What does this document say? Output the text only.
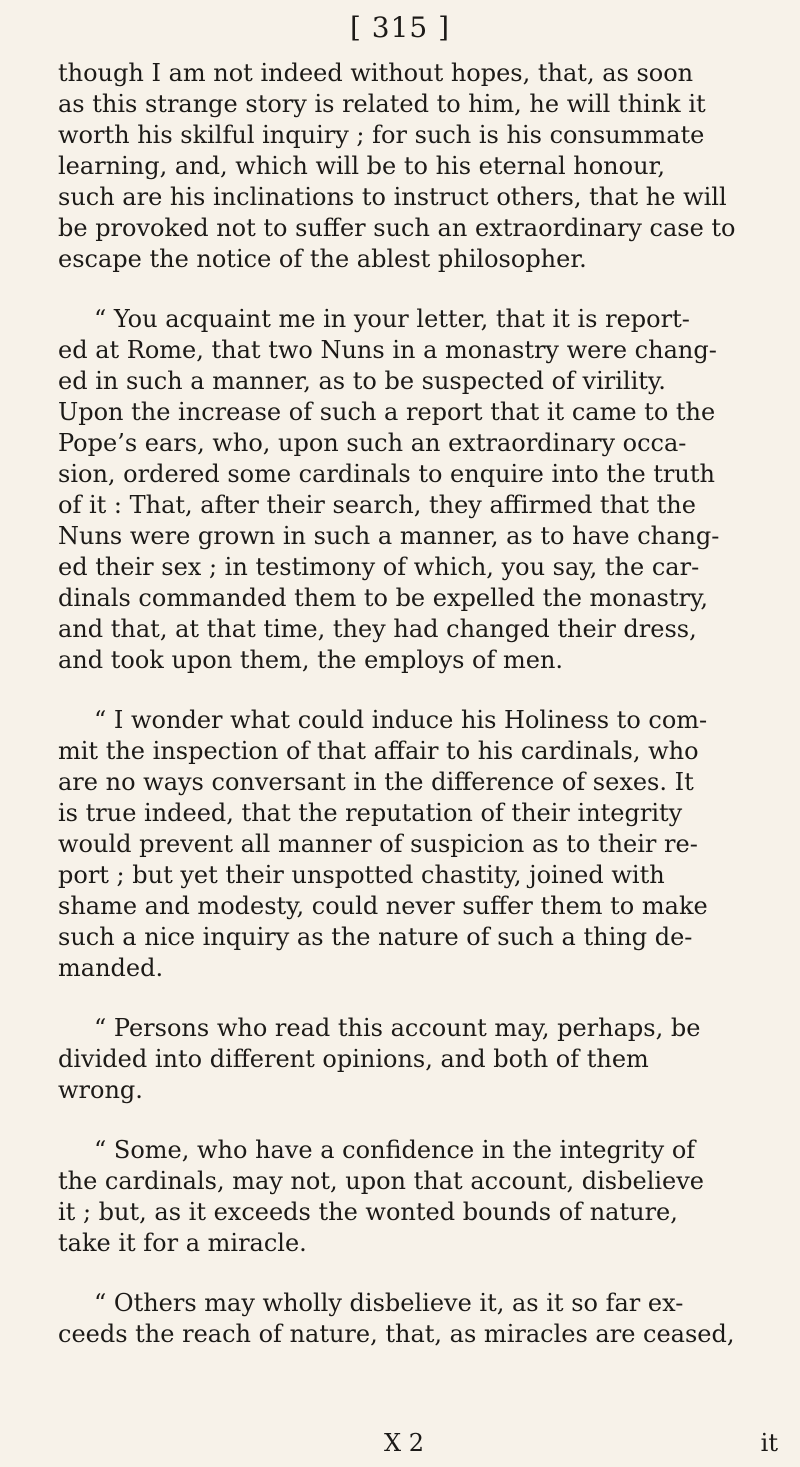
[ 315 ]
though I am not indeed without hopes, that, as soon
as this strange story is related to him, he will think it
worth his skilful inquiry ; for such is his consummate
learning, and, which will be to his eternal honour,
such are his inclinations to instruct others, that he will
be provoked not to suffer such an extraordinary case to
escape the notice of the ablest philosopher.
“ You acquaint me in your letter, that it is report-
ed at Rome, that two Nuns in a monastry were chang-
ed in such a manner, as to be suspected of virility.
Upon the increase of such a report that it came to the
Pope’s ears, who, upon such an extraordinary occa-
sion, ordered some cardinals to enquire into the truth
of it : That, after their search, they affirmed that the
Nuns were grown in such a manner, as to have chang-
ed their sex ; in testimony of which, you say, the car-
dinals commanded them to be expelled the monastry,
and that, at that time, they had changed their dress,
and took upon them, the employs of men.
“ I wonder what could induce his Holiness to com-
mit the inspection of that affair to his cardinals, who
are no ways conversant in the difference of sexes. It
is true indeed, that the reputation of their integrity
would prevent all manner of suspicion as to their re-
port ; but yet their unspotted chastity, joined with
shame and modesty, could never suffer them to make
such a nice inquiry as the nature of such a thing de-
manded.
“ Persons who read this account may, perhaps, be
divided into different opinions, and both of them
wrong.
“ Some, who have a confidence in the integrity of
the cardinals, may not, upon that account, disbelieve
it ; but, as it exceeds the wonted bounds of nature,
take it for a miracle.
“ Others may wholly disbelieve it, as it so far ex-
ceeds the reach of nature, that, as miracles are ceased,
X 2	it
